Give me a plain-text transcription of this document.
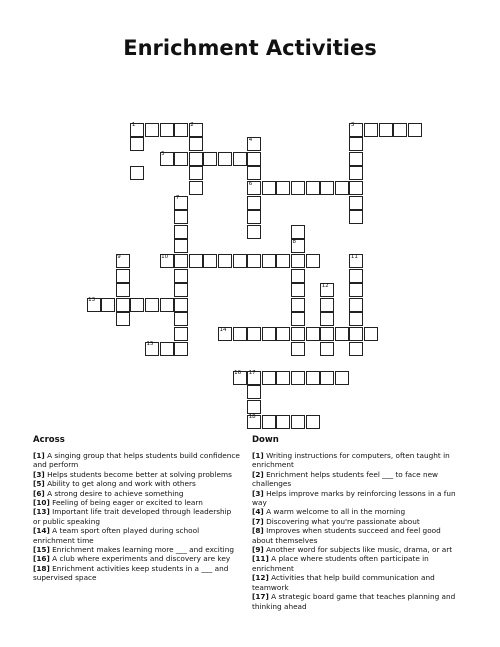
Enrichment Activities
1	2	3
4
5
6
7
8
9	10	11
12
13
14
15
16 17
18
Across
[1] A singing group that helps students build confidence and perform
[3] Helps students become better at solving problems
[5] Ability to get along and work with others
[6] A strong desire to achieve something
[10] Feeling of being eager or excited to learn
[13] Important life trait developed through leadership or public speaking
[14] A team sport often played during school enrichment time
[15] Enrichment makes learning more ___ and exciting
[16] A club where experiments and discovery are key
[18] Enrichment activities keep students in a ___ and supervised space
Down
[1] Writing instructions for computers, often taught in enrichment
[2] Enrichment helps students feel ___ to face new challenges
[3] Helps improve marks by reinforcing lessons in a fun way
[4] A warm welcome to all in the morning
[7] Discovering what you're passionate about
[8] Improves when students succeed and feel good about themselves
[9] Another word for subjects like music, drama, or art
[11] A place where students often participate in enrichment
[12] Activities that help build communication and teamwork
[17] A strategic board game that teaches planning and thinking ahead
